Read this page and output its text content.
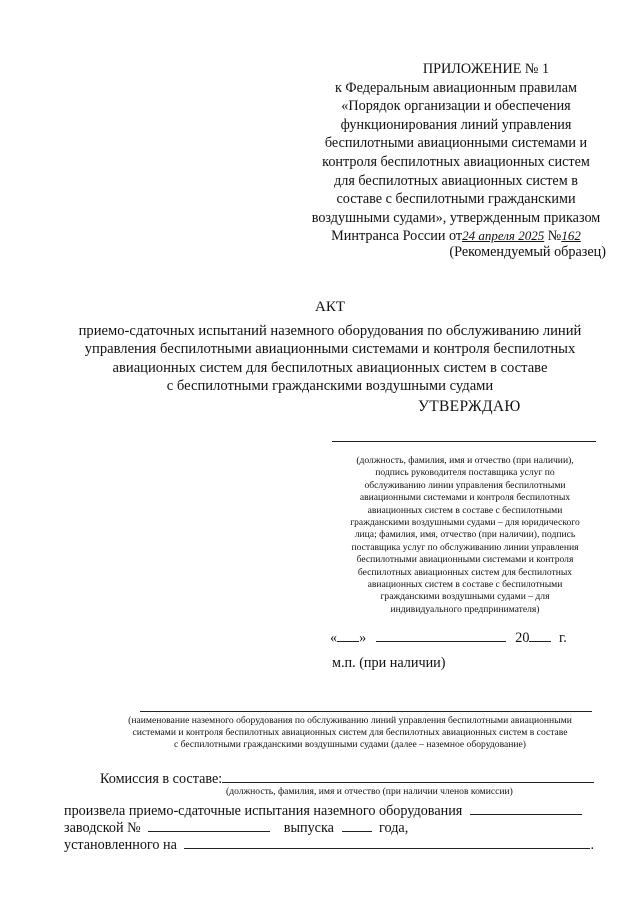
ПРИЛОЖЕНИЕ № 1
к Федеральным авиационным правилам
«Порядок организации и обеспечения
функционирования линий управления
беспилотными авиационными системами и
контроля беспилотных авиационных систем
для беспилотных авиационных систем в
составе с беспилотными гражданскими
воздушными судами», утвержденным приказом
Минтранса России от24 апреля 2025 №162
(Рекомендуемый образец)
АКТ
приемо-сдаточных испытаний наземного оборудования по обслуживанию линий
управления беспилотными авиационными системами и контроля беспилотных
авиационных систем для беспилотных авиационных систем в составе
с беспилотными гражданскими воздушными судами
УТВЕРЖДАЮ
(должность, фамилия, имя и отчество (при наличии),
подпись руководителя поставщика услуг по
обслуживанию линии управления беспилотными
авиационными системами и контроля беспилотных
авиационных систем в составе с беспилотными
гражданскими воздушными судами – для юридического
лица; фамилия, имя, отчество (при наличии), подпись
поставщика услуг по обслуживанию линии управления
беспилотными авиационными системами и контроля
беспилотных авиационных систем для беспилотных
авиационных систем в составе с беспилотными
гражданскими воздушными судами – для
индивидуального предпринимателя)
« »	20 г.
м.п. (при наличии)
(наименование наземного оборудования по обслуживанию линий управления беспилотными авиационными
системами и контроля беспилотных авиационных систем для беспилотных авиационных систем в составе
с беспилотными гражданскими воздушными судами (далее – наземное оборудование)
Комиссия в составе:
(должность, фамилия, имя и отчество (при наличии членов комиссии)
произвела приемо-сдаточные испытания наземного оборудования
заводской №	выпуска	года,
установленного на	.
